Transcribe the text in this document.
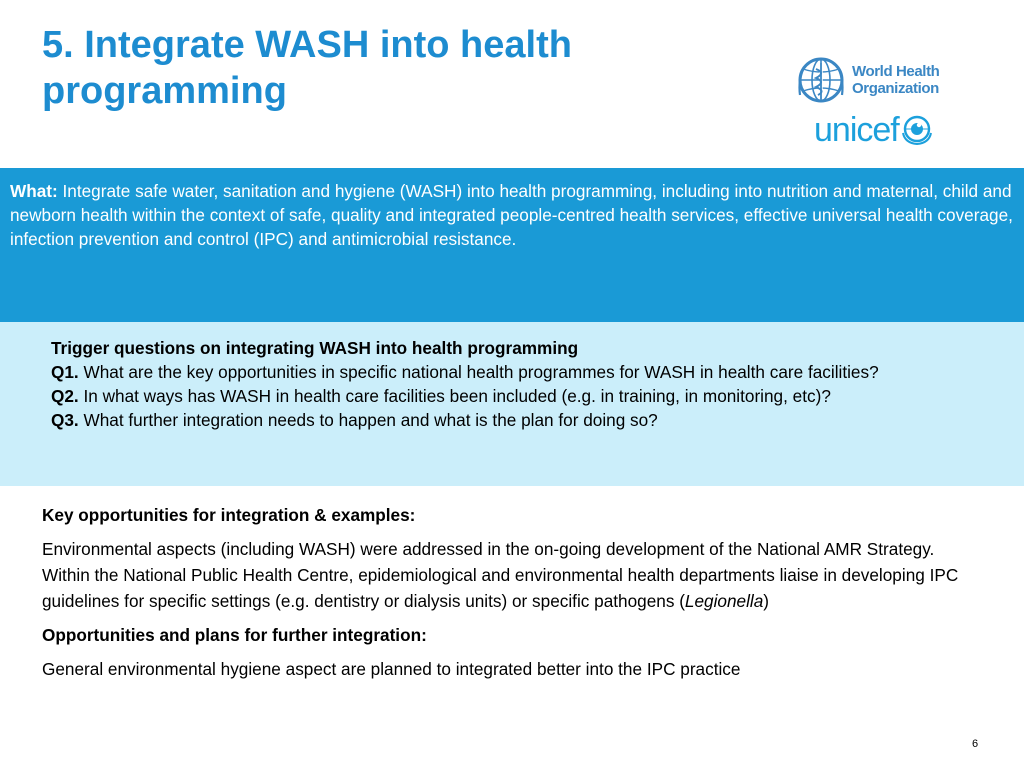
5. Integrate WASH into health programming	World Health
Organization
unicef
What: Integrate safe water, sanitation and hygiene (WASH) into health programming, including into nutrition and maternal, child and newborn health within the context of safe, quality and integrated people-centred health services, effective universal health coverage, infection prevention and control (IPC) and antimicrobial resistance.
Trigger questions on integrating WASH into health programming
Q1. What are the key opportunities in specific national health programmes for WASH in health care facilities?
Q2. In what ways has WASH in health care facilities been included (e.g. in training, in monitoring, etc)?
Q3. What further integration needs to happen and what is the plan for doing so?
Key opportunities for integration & examples:
Environmental aspects (including WASH) were addressed in the on-going development of the National AMR Strategy. Within the National Public Health Centre, epidemiological and environmental health departments liaise in developing IPC guidelines for specific settings (e.g. dentistry or dialysis units) or specific pathogens (Legionella)
Opportunities and plans for further integration:
General environmental hygiene aspect are planned to integrated better into the IPC practice
6
